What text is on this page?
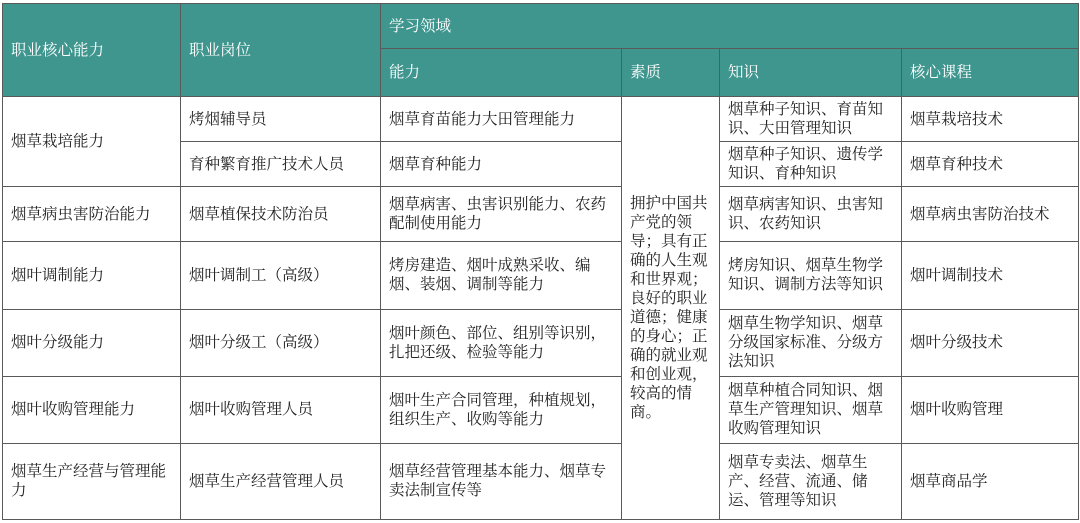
职业核心能力	职业岗位	学习领域			
		能力	素质	知识	核心课程
烟草栽培能力	烤烟辅导员	烟草育苗能力大田管理能力	拥护中国共产党的领导；具有正确的人生观和世界观；良好的职业道德；健康的身心；正确的就业观和创业观，较高的情商。	烟草种子知识、育苗知识、大田管理知识	烟草栽培技术
	育种繁育推广技术人员	烟草育种能力		烟草种子知识、遗传学知识、育种知识	烟草育种技术
烟草病虫害防治能力	烟草植保技术防治员	烟草病害、虫害识别能力、农药配制使用能力		烟草病害知识、虫害知识、农药知识	烟草病虫害防治技术
烟叶调制能力	烟叶调制工（高级）	烤房建造、烟叶成熟采收、编烟、装烟、调制等能力		烤房知识、烟草生物学知识、调制方法等知识	烟叶调制技术
烟叶分级能力	烟叶分级工（高级）	烟叶颜色、部位、组别等识别，扎把还级、检验等能力		烟草生物学知识、烟草分级国家标准、分级方法知识	烟叶分级技术
烟叶收购管理能力	烟叶收购管理人员	烟叶生产合同管理，种植规划，组织生产、收购等能力		烟草种植合同知识、烟草生产管理知识、烟草收购管理知识	烟叶收购管理
烟草生产经营与管理能力	烟草生产经营管理人员	烟草经营管理基本能力、烟草专卖法制宣传等		烟草专卖法、烟草生产、经营、流通、储运、管理等知识	烟草商品学
